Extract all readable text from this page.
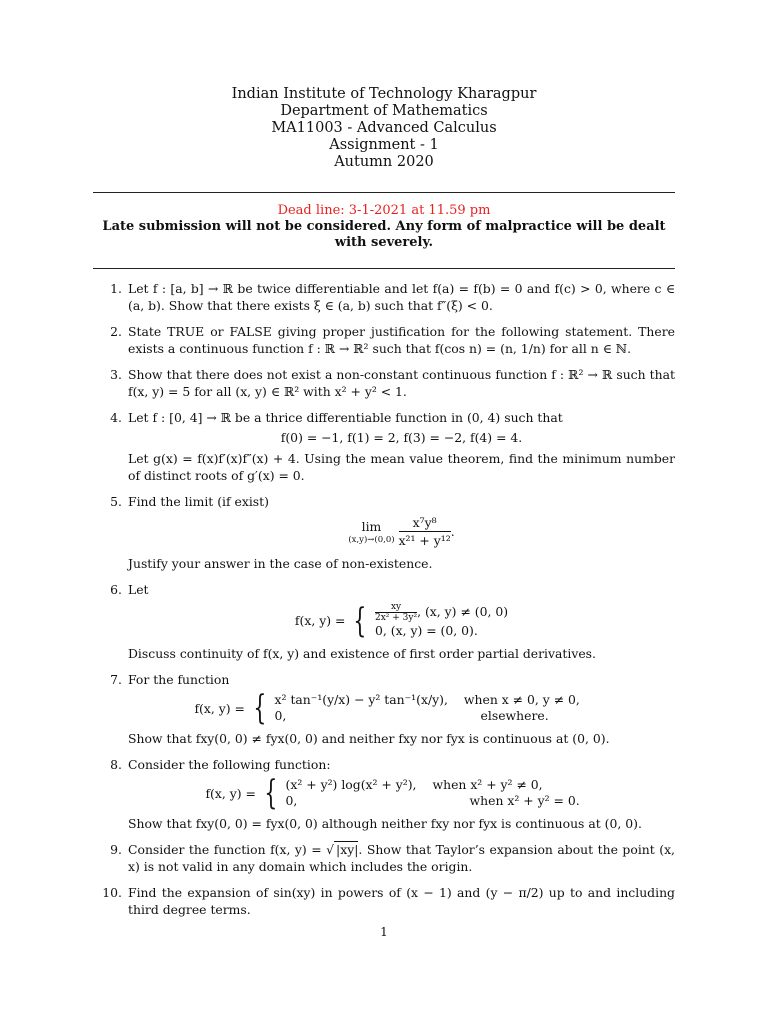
Indian Institute of Technology Kharagpur
Department of Mathematics
MA11003 - Advanced Calculus
Assignment - 1
Autumn 2020
Dead line: 3-1-2021 at 11.59 pm
Late submission will not be considered. Any form of malpractice will be dealt with severely.
1. Let f : [a, b] → ℝ be twice differentiable and let f(a) = f(b) = 0 and f(c) > 0, where c ∈ (a, b). Show that there exists ξ ∈ (a, b) such that f″(ξ) < 0.
2. State TRUE or FALSE giving proper justification for the following statement. There exists a continuous function f : ℝ → ℝ² such that f(cos n) = (n, 1/n) for all n ∈ ℕ.
3. Show that there does not exist a non-constant continuous function f : ℝ² → ℝ such that f(x, y) = 5 for all (x, y) ∈ ℝ² with x² + y² < 1.
4. Let f : [0, 4] → ℝ be a thrice differentiable function in (0, 4) such that
f(0) = −1, f(1) = 2, f(3) = −2, f(4) = 4.
Let g(x) = f(x)f′(x)f″(x) + 4. Using the mean value theorem, find the minimum number of distinct roots of g′(x) = 0.
5. Find the limit (if exist)
lim
$(x,y)\to(0,0) \frac{\text{x⁷y⁸}}{\text{x²¹ + y¹²}}$ .
Justify your answer in the case of non-existence.
6. Let
f(x, y) = { $\frac{xy}{\text{2x² + 3y²}}$ , (x, y) ≠ (0, 0)
0, (x, y) = (0, 0).
Discuss continuity of f(x, y) and existence of first order partial derivatives.
7. For the function
f(x, y) = { x² tan⁻¹(y/x) − y² tan⁻¹(x/y), when x ≠ 0, y ≠ 0,
0,	elsewhere.
Show that fxy(0, 0) ≠ fyx(0, 0) and neither fxy nor fyx is continuous at (0, 0).
8. Consider the following function:
f(x, y) = { (x² + y²) log(x² + y²), when x² + y² ≠ 0,
0,	when x² + y² = 0.
Show that fxy(0, 0) = fyx(0, 0) although neither fxy nor fyx is continuous at (0, 0).
9. Consider the function f(x, y) = √ |xy|. Show that Taylor’s expansion about the point (x, x) is not valid in any domain which includes the origin.
10. Find the expansion of sin(xy) in powers of (x − 1) and (y − π/2) up to and including third degree terms.
1
